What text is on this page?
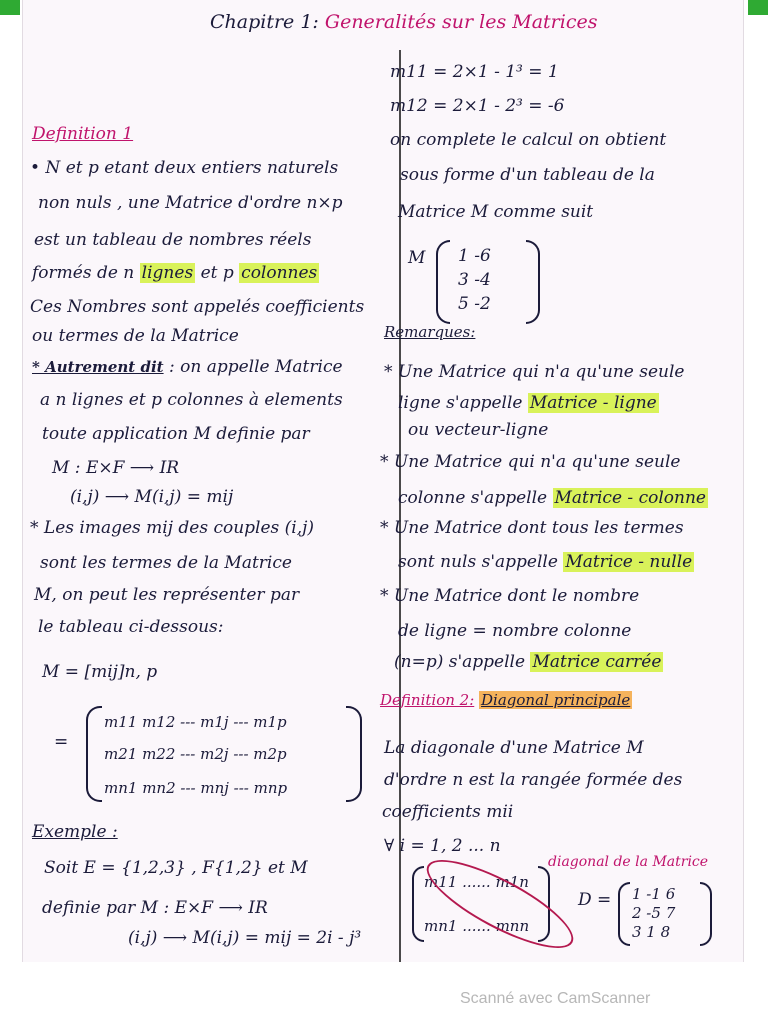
Chapitre 1: Generalités sur les Matrices
Definition 1
• N et p etant deux entiers naturels
non nuls , une Matrice d'ordre n×p
est un tableau de nombres réels
formés de n lignes et p colonnes
Ces Nombres sont appelés coefficients
ou termes de la Matrice
* Autrement dit : on appelle Matrice
a n lignes et p colonnes à elements
toute application M definie par
M : E×F ⟶ IR
(i,j) ⟶ M(i,j) = mij
* Les images mij des couples (i,j)
sont les termes de la Matrice
M, on peut les représenter par
le tableau ci-dessous:
M = [mij]n, p
=
m11 m12 --- m1j --- m1p
m21 m22 --- m2j --- m2p
mn1 mn2 --- mnj --- mnp
Exemple :
Soit E = {1,2,3} , F{1,2} et M
definie par M : E×F ⟶ IR
(i,j) ⟶ M(i,j) = mij = 2i - j³
m11 = 2×1 - 1³ = 1
m12 = 2×1 - 2³ = -6
on complete le calcul on obtient
sous forme d'un tableau de la
Matrice M comme suit
M 1 -6
3 -4
5 -2
Remarques:
* Une Matrice qui n'a qu'une seule
ligne s'appelle Matrice - ligne
ou vecteur-ligne
* Une Matrice qui n'a qu'une seule
colonne s'appelle Matrice - colonne
* Une Matrice dont tous les termes
sont nuls s'appelle Matrice - nulle
* Une Matrice dont le nombre
de ligne = nombre colonne
(n=p) s'appelle Matrice carrée
Definition 2: Diagonal principale
La diagonale d'une Matrice M
d'ordre n est la rangée formée des
coefficients mii
∀ i = 1, 2 ... n
diagonal de la Matrice
m11 ...... m1n
mn1 ...... mnn
D = 1 -1 6
2 -5 7
3 1 8
Scanné avec CamScanner
